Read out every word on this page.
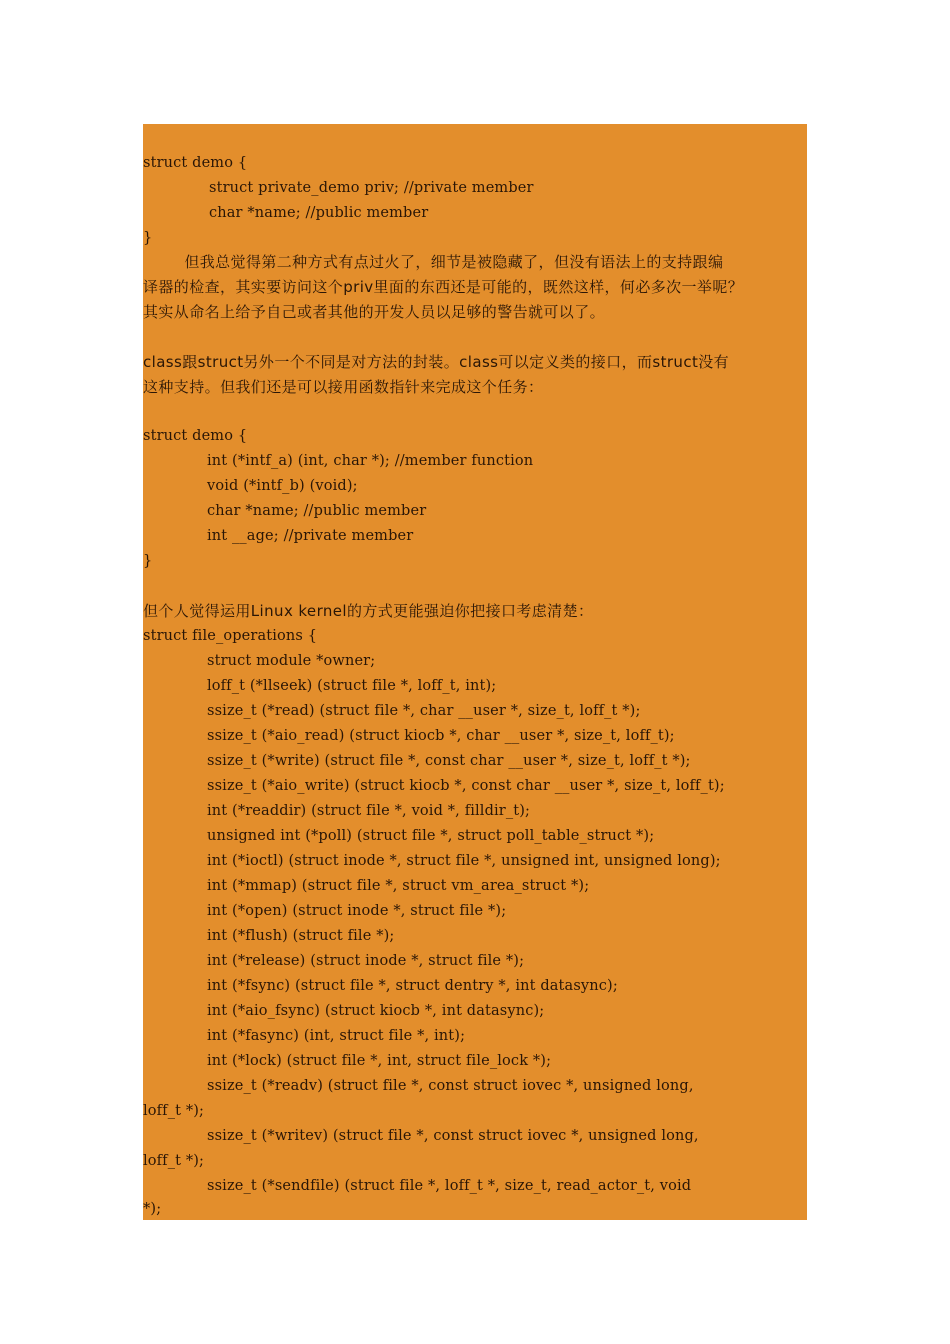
struct demo {
struct private_demo priv; //private member
char *name; //public member
}
但我总觉得第二种方式有点过火了，细节是被隐藏了，但没有语法上的支持跟编
译器的检查，其实要访问这个priv里面的东西还是可能的，既然这样，何必多次一举呢？
其实从命名上给予自己或者其他的开发人员以足够的警告就可以了。
class跟struct另外一个不同是对方法的封装。class可以定义类的接口，而struct没有
这种支持。但我们还是可以接用函数指针来完成这个任务：
struct demo {
int (*intf_a) (int, char *); //member function
void (*intf_b) (void);
char *name; //public member
int __age; //private member
}
但个人觉得运用Linux kernel的方式更能强迫你把接口考虑清楚：
struct file_operations {
struct module *owner;
loff_t (*llseek) (struct file *, loff_t, int);
ssize_t (*read) (struct file *, char __user *, size_t, loff_t *);
ssize_t (*aio_read) (struct kiocb *, char __user *, size_t, loff_t);
ssize_t (*write) (struct file *, const char __user *, size_t, loff_t *);
ssize_t (*aio_write) (struct kiocb *, const char __user *, size_t, loff_t);
int (*readdir) (struct file *, void *, filldir_t);
unsigned int (*poll) (struct file *, struct poll_table_struct *);
int (*ioctl) (struct inode *, struct file *, unsigned int, unsigned long);
int (*mmap) (struct file *, struct vm_area_struct *);
int (*open) (struct inode *, struct file *);
int (*flush) (struct file *);
int (*release) (struct inode *, struct file *);
int (*fsync) (struct file *, struct dentry *, int datasync);
int (*aio_fsync) (struct kiocb *, int datasync);
int (*fasync) (int, struct file *, int);
int (*lock) (struct file *, int, struct file_lock *);
ssize_t (*readv) (struct file *, const struct iovec *, unsigned long,
loff_t *);
ssize_t (*writev) (struct file *, const struct iovec *, unsigned long,
loff_t *);
ssize_t (*sendfile) (struct file *, loff_t *, size_t, read_actor_t, void
*);
